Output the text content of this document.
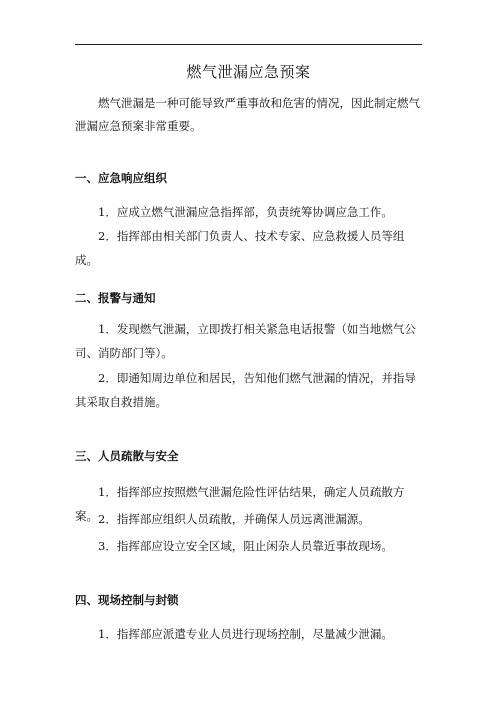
燃气泄漏应急预案

燃气泄漏是一种可能导致严重事故和危害的情况，因此制定燃气泄漏应急预案非常重要。

一、应急响应组织

1．应成立燃气泄漏应急指挥部，负责统筹协调应急工作。

2．指挥部由相关部门负责人、技术专家、应急救援人员等组成。

二、报警与通知

1．发现燃气泄漏，立即拨打相关紧急电话报警（如当地燃气公司、消防部门等）。

2．即通知周边单位和居民，告知他们燃气泄漏的情况，并指导其采取自救措施。

三、人员疏散与安全

1．指挥部应按照燃气泄漏危险性评估结果，确定人员疏散方案。 2．指挥部应组织人员疏散，并确保人员远离泄漏源。

3．指挥部应设立安全区域，阻止闲杂人员靠近事故现场。

四、现场控制与封锁

1．指挥部应派遣专业人员进行现场控制，尽量减少泄漏。
